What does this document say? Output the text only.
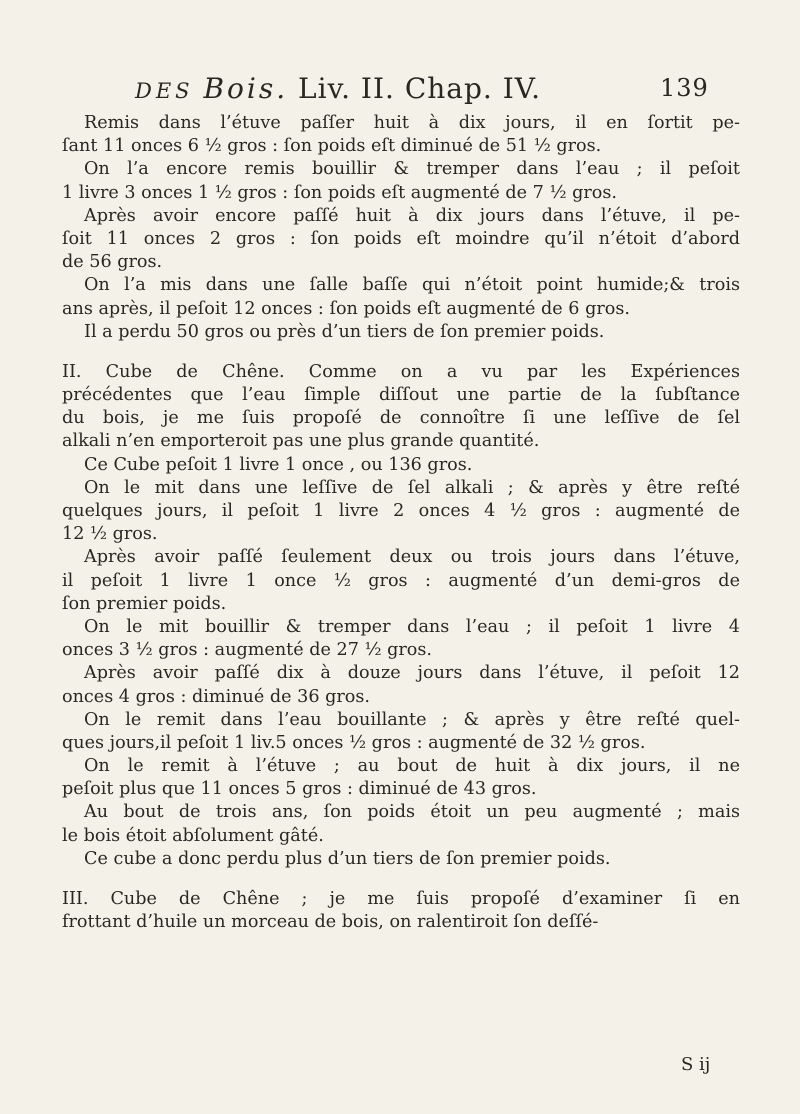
DES Bois. Liv. II. Chap. IV.	139
Remis dans l’étuve paſſer huit à dix jours, il en ſortit pe-
ſant 11 onces 6 ½ gros : ſon poids eſt diminué de 51 ½ gros.
On l’a encore remis bouillir & tremper dans l’eau ; il peſoit
1 livre 3 onces 1 ½ gros : ſon poids eſt augmenté de 7 ½ gros.
Après avoir encore paſſé huit à dix jours dans l’étuve, il pe-
ſoit 11 onces 2 gros : ſon poids eſt moindre qu’il n’étoit d’abord
de 56 gros.
On l’a mis dans une ſalle baſſe qui n’étoit point humide;& trois
ans après, il peſoit 12 onces : ſon poids eſt augmenté de 6 gros.
Il a perdu 50 gros ou près d’un tiers de ſon premier poids.
II. Cube de Chêne. Comme on a vu par les Expériences
précédentes que l’eau ſimple diſſout une partie de la ſubſtance
du bois, je me ſuis propoſé de connoître ſi une leſſive de ſel
alkali n’en emporteroit pas une plus grande quantité.
Ce Cube peſoit 1 livre 1 once , ou 136 gros.
On le mit dans une leſſive de ſel alkali ; & après y être reſté
quelques jours, il peſoit 1 livre 2 onces 4 ½ gros : augmenté de
12 ½ gros.
Après avoir paſſé ſeulement deux ou trois jours dans l’étuve,
il peſoit 1 livre 1 once ½ gros : augmenté d’un demi-gros de
ſon premier poids.
On le mit bouillir & tremper dans l’eau ; il peſoit 1 livre 4
onces 3 ½ gros : augmenté de 27 ½ gros.
Après avoir paſſé dix à douze jours dans l’étuve, il peſoit 12
onces 4 gros : diminué de 36 gros.
On le remit dans l’eau bouillante ; & après y être reſté quel-
ques jours,il peſoit 1 liv.5 onces ½ gros : augmenté de 32 ½ gros.
On le remit à l’étuve ; au bout de huit à dix jours, il ne
peſoit plus que 11 onces 5 gros : diminué de 43 gros.
Au bout de trois ans, ſon poids étoit un peu augmenté ; mais
le bois étoit abſolument gâté.
Ce cube a donc perdu plus d’un tiers de ſon premier poids.
III. Cube de Chêne ; je me ſuis propoſé d’examiner ſi en
frottant d’huile un morceau de bois, on ralentiroit ſon deſſé-
S ij
